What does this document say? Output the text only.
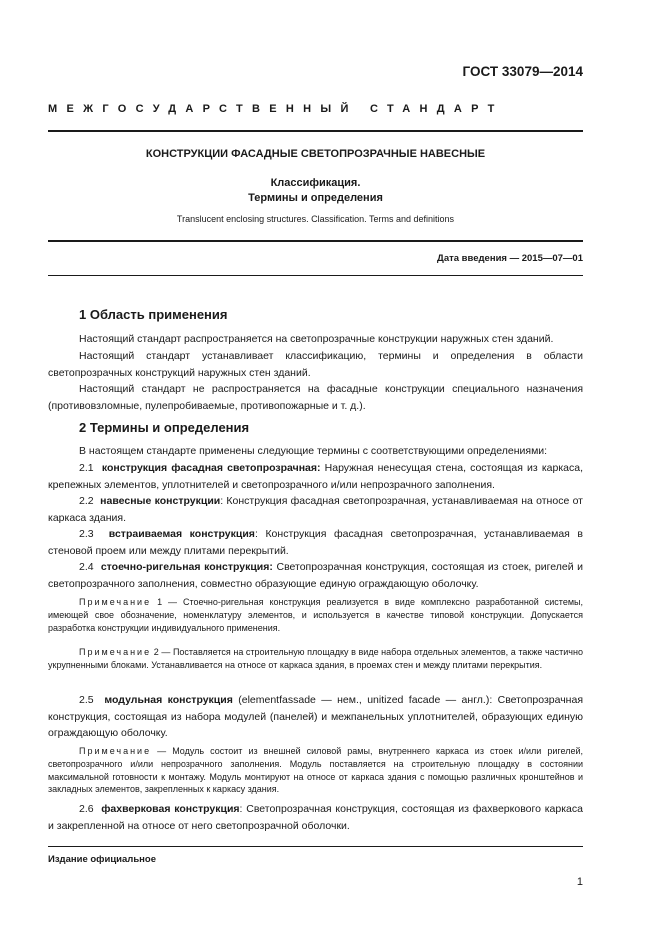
ГОСТ 33079—2014
МЕЖГОСУДАРСТВЕННЫЙ СТАНДАРТ
КОНСТРУКЦИИ ФАСАДНЫЕ СВЕТОПРОЗРАЧНЫЕ НАВЕСНЫЕ
Классификация.
Термины и определения
Translucent enclosing structures. Classification. Terms and definitions
Дата введения — 2015—07—01
1 Область применения
Настоящий стандарт распространяется на светопрозрачные конструкции наружных стен зданий.
Настоящий стандарт устанавливает классификацию, термины и определения в области светопрозрачных конструкций наружных стен зданий.
Настоящий стандарт не распространяется на фасадные конструкции специального назначения (противовзломные, пулепробиваемые, противопожарные и т. д.).
2 Термины и определения
В настоящем стандарте применены следующие термины с соответствующими определениями:
2.1 конструкция фасадная светопрозрачная: Наружная ненесущая стена, состоящая из каркаса, крепежных элементов, уплотнителей и светопрозрачного и/или непрозрачного заполнения.
2.2 навесные конструкции: Конструкция фасадная светопрозрачная, устанавливаемая на относе от каркаса здания.
2.3 встраиваемая конструкция: Конструкция фасадная светопрозрачная, устанавливаемая в стеновой проем или между плитами перекрытий.
2.4 стоечно-ригельная конструкция: Светопрозрачная конструкция, состоящая из стоек, ригелей и светопрозрачного заполнения, совместно образующие единую ограждающую оболочку.
Примечание 1 — Стоечно-ригельная конструкция реализуется в виде комплексно разработанной системы, имеющей свое обозначение, номенклатуру элементов, и используется в качестве типовой конструкции. Допускается разработка конструкции индивидуального применения.
Примечание 2 — Поставляется на строительную площадку в виде набора отдельных элементов, а также частично укрупненными блоками. Устанавливается на относе от каркаса здания, в проемах стен и между плитами перекрытия.
2.5 модульная конструкция (elementfassade — нем., unitized facade — англ.): Светопрозрачная конструкция, состоящая из набора модулей (панелей) и межпанельных уплотнителей, образующих единую ограждающую оболочку.
Примечание — Модуль состоит из внешней силовой рамы, внутреннего каркаса из стоек и/или ригелей, светопрозрачного и/или непрозрачного заполнения. Модуль поставляется на строительную площадку в состоянии максимальной готовности к монтажу. Модуль монтируют на относе от каркаса здания с помощью различных кронштейнов и закладных элементов, закрепленных к каркасу здания.
2.6 фахверковая конструкция: Светопрозрачная конструкция, состоящая из фахверкового каркаса и закрепленной на относе от него светопрозрачной оболочки.
Издание официальное
1
